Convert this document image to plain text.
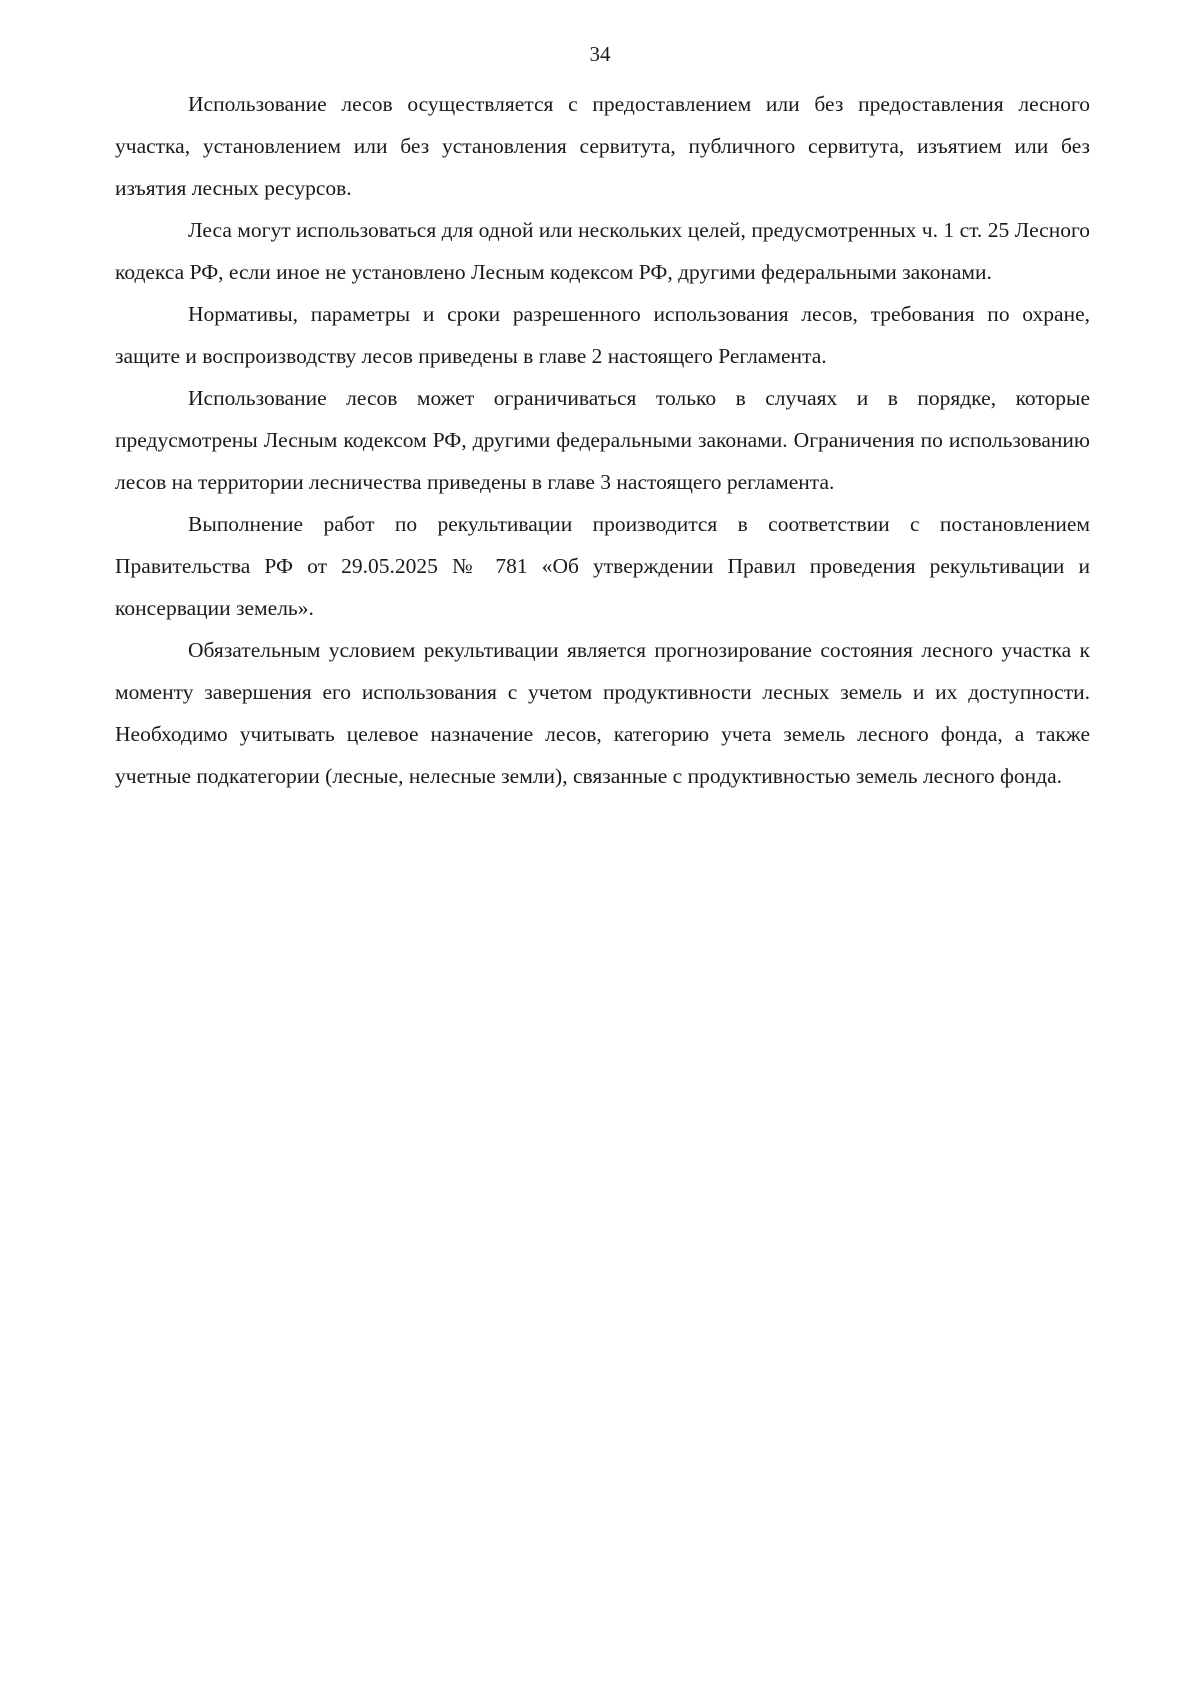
34

Использование лесов осуществляется с предоставлением или без предоставления лесного участка, установлением или без установления сервитута, публичного сервитута, изъятием или без изъятия лесных ресурсов.

Леса могут использоваться для одной или нескольких целей, предусмотренных ч. 1 ст. 25 Лесного кодекса РФ, если иное не установлено Лесным кодексом РФ, другими федеральными законами.

Нормативы, параметры и сроки разрешенного использования лесов, требования по охране, защите и воспроизводству лесов приведены в главе 2 настоящего Регламента.

Использование лесов может ограничиваться только в случаях и в порядке, которые предусмотрены Лесным кодексом РФ, другими федеральными законами. Ограничения по использованию лесов на территории лесничества приведены в главе 3 настоящего регламента.

Выполнение работ по рекультивации производится в соответствии с постановлением Правительства РФ от 29.05.2025 № 781 «Об утверждении Правил проведения рекультивации и консервации земель».

Обязательным условием рекультивации является прогнозирование состояния лесного участка к моменту завершения его использования с учетом продуктивности лесных земель и их доступности. Необходимо учитывать целевое назначение лесов, категорию учета земель лесного фонда, а также учетные подкатегории (лесные, нелесные земли), связанные с продуктивностью земель лесного фонда.
